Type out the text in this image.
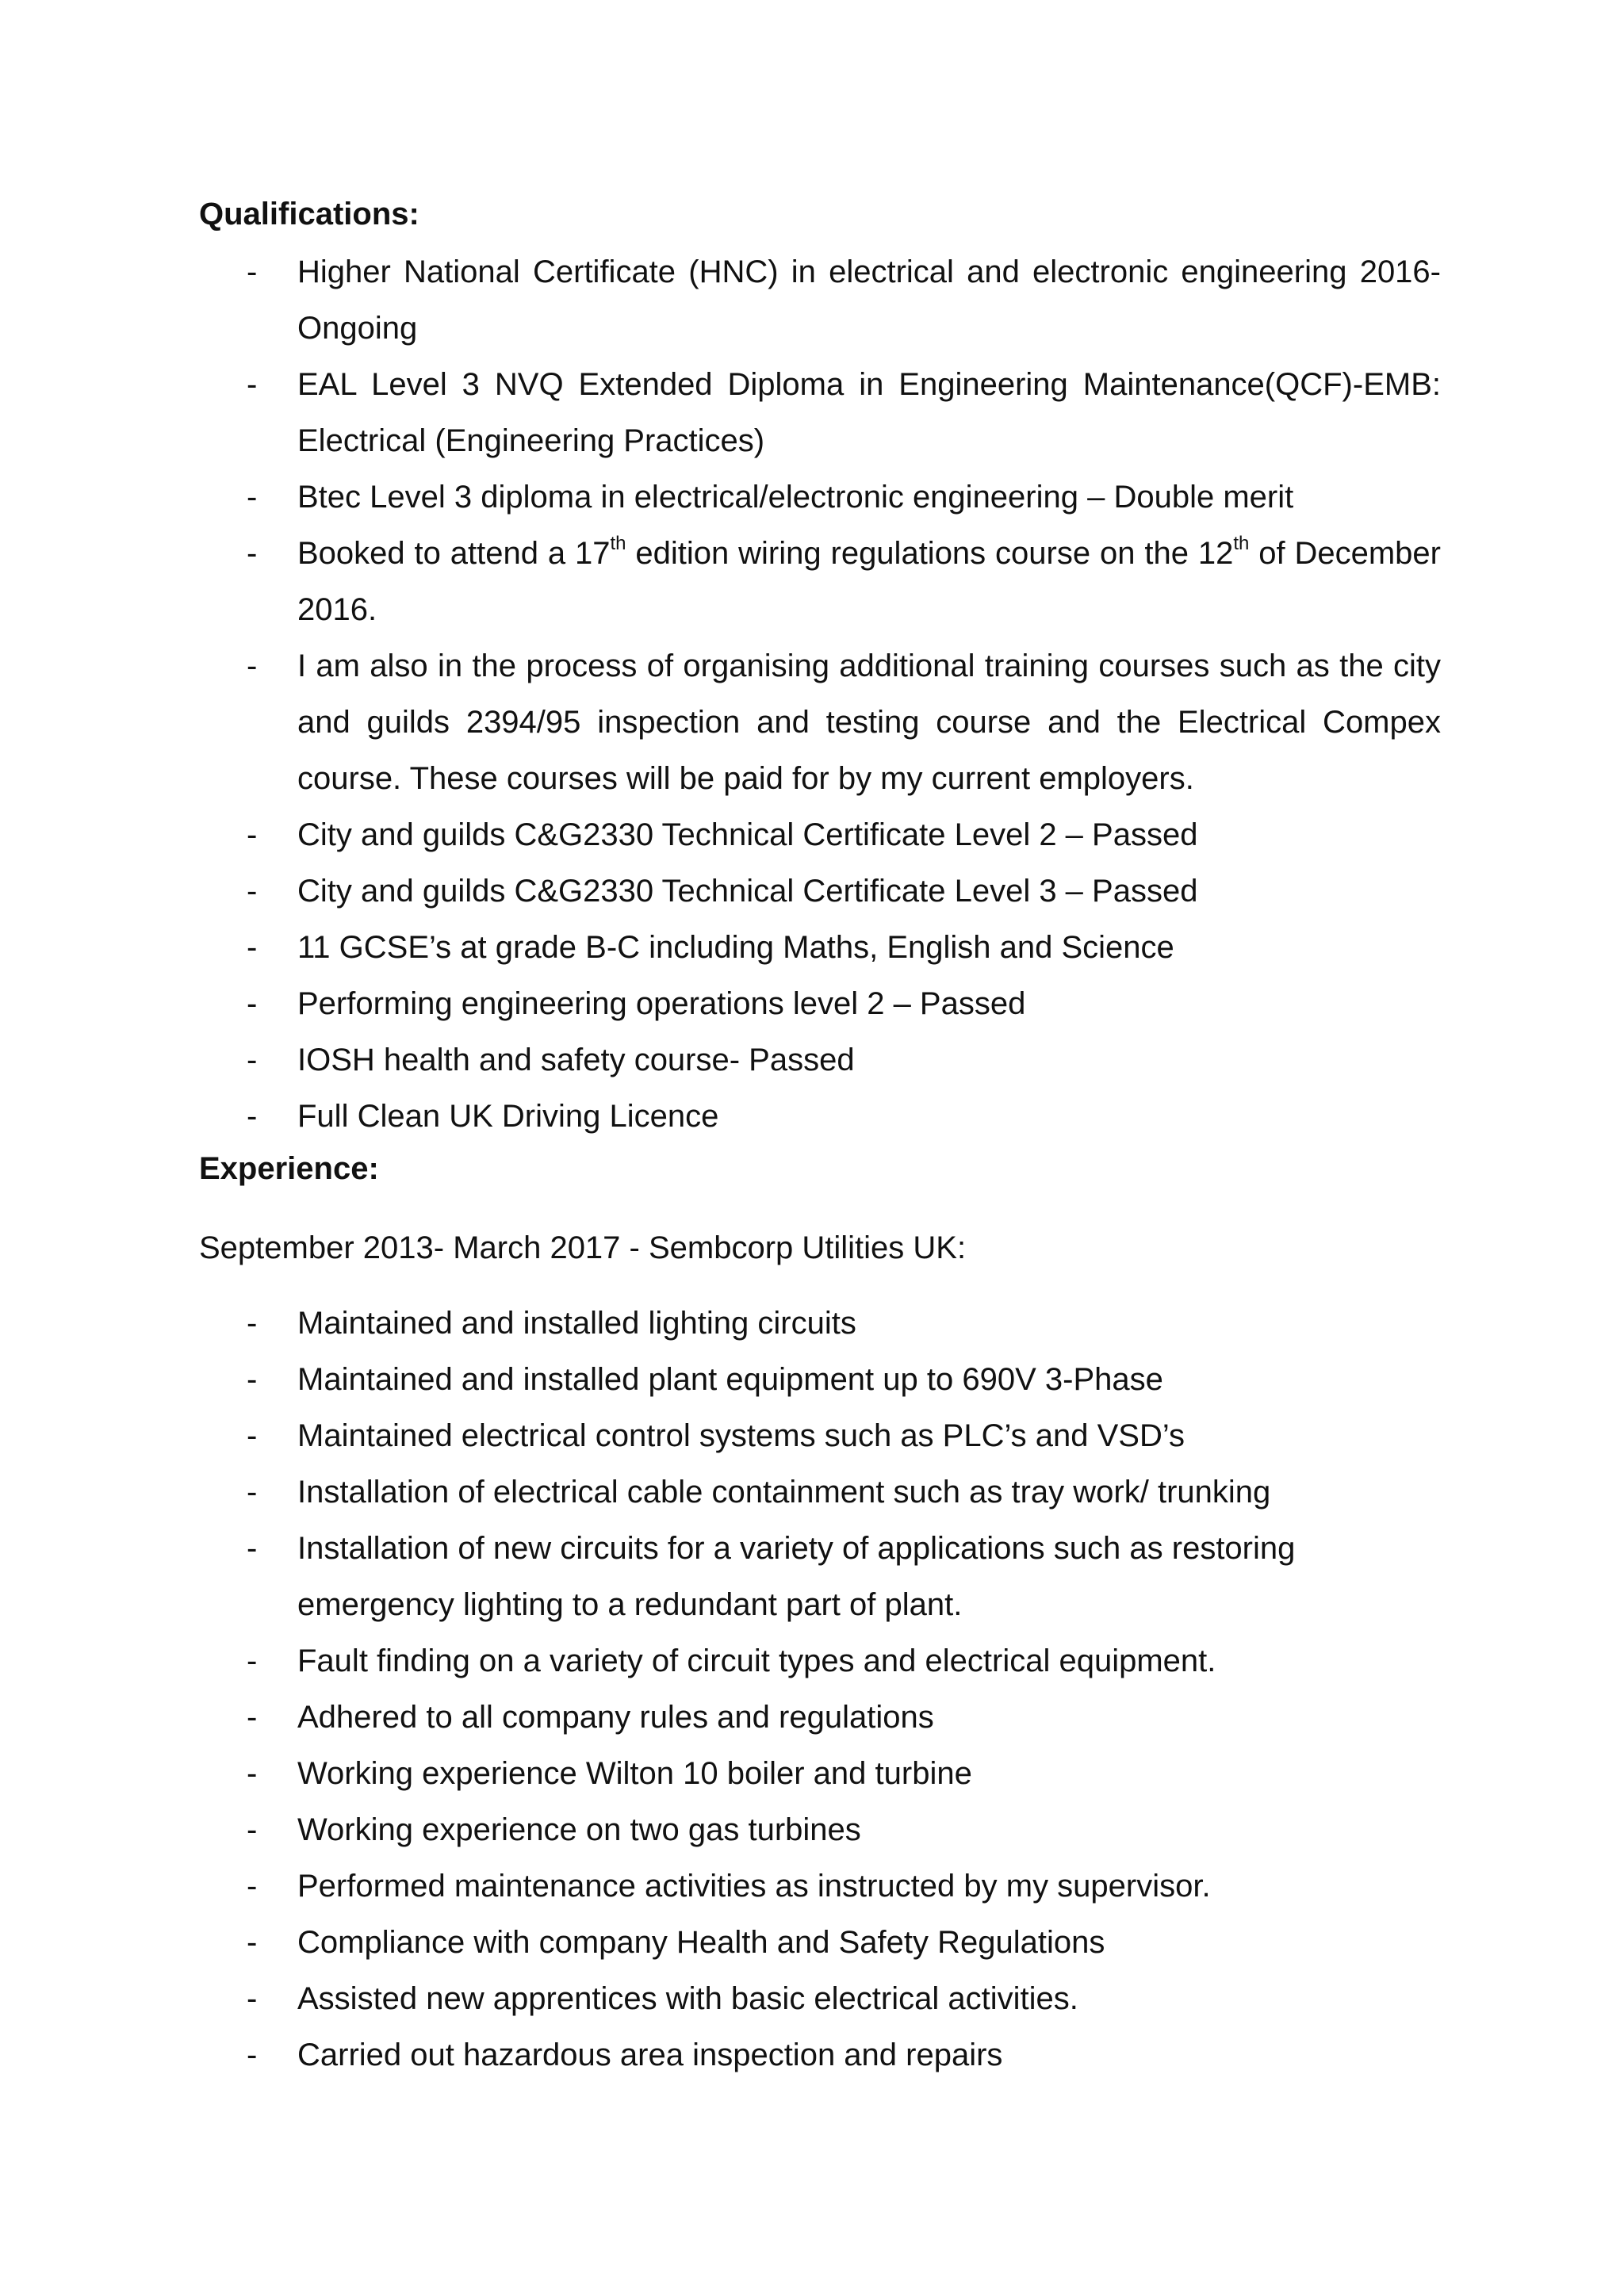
Qualifications:
- Higher National Certificate (HNC) in electrical and electronic engineering 2016-Ongoing
- EAL Level 3 NVQ Extended Diploma in Engineering Maintenance(QCF)-EMB: Electrical (Engineering Practices)
- Btec Level 3 diploma in electrical/electronic engineering – Double merit
- Booked to attend a 17th edition wiring regulations course on the 12th of December 2016.
- I am also in the process of organising additional training courses such as the city and guilds 2394/95 inspection and testing course and the Electrical Compex course. These courses will be paid for by my current employers.
- City and guilds C&G2330 Technical Certificate Level 2 – Passed
- City and guilds C&G2330 Technical Certificate Level 3 – Passed
- 11 GCSE’s at grade B-C including Maths, English and Science
- Performing engineering operations level 2 – Passed
- IOSH health and safety course- Passed
- Full Clean UK Driving Licence
Experience:

September 2013- March 2017 - Sembcorp Utilities UK:

- Maintained and installed lighting circuits
- Maintained and installed plant equipment up to 690V 3-Phase
- Maintained electrical control systems such as PLC’s and VSD’s
- Installation of electrical cable containment such as tray work/ trunking
- Installation of new circuits for a variety of applications such as restoring emergency lighting to a redundant part of plant.
- Fault finding on a variety of circuit types and electrical equipment.
- Adhered to all company rules and regulations
- Working experience Wilton 10 boiler and turbine
- Working experience on two gas turbines
- Performed maintenance activities as instructed by my supervisor.
- Compliance with company Health and Safety Regulations
- Assisted new apprentices with basic electrical activities.
- Carried out hazardous area inspection and repairs
